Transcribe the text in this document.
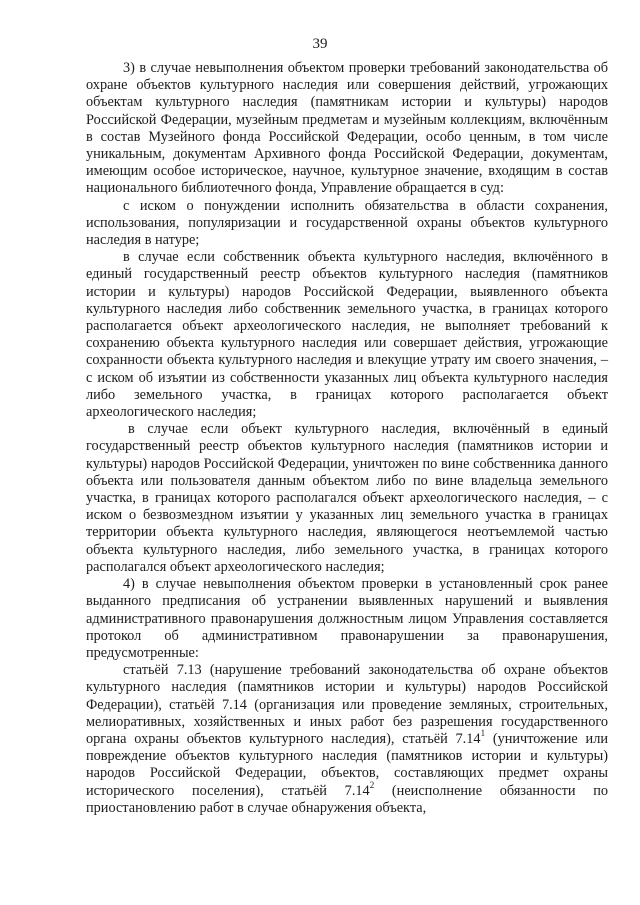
39

3) в случае невыполнения объектом проверки требований законодательства об охране объектов культурного наследия или совершения действий, угрожающих объектам культурного наследия (памятникам истории и культуры) народов Российской Федерации, музейным предметам и музейным коллекциям, включённым в состав Музейного фонда Российской Федерации, особо ценным, в том числе уникальным, документам Архивного фонда Российской Федерации, документам, имеющим особое историческое, научное, культурное значение, входящим в состав национального библиотечного фонда, Управление обращается в суд:

с иском о понуждении исполнить обязательства в области сохранения, использования, популяризации и государственной охраны объектов культурного наследия в натуре;

в случае если собственник объекта культурного наследия, включённого в единый государственный реестр объектов культурного наследия (памятников истории и культуры) народов Российской Федерации, выявленного объекта культурного наследия либо собственник земельного участка, в границах которого располагается объект археологического наследия, не выполняет требований к сохранению объекта культурного наследия или совершает действия, угрожающие сохранности объекта культурного наследия и влекущие утрату им своего значения, – с иском об изъятии из собственности указанных лиц объекта культурного наследия либо земельного участка, в границах которого располагается объект археологического наследия;

в случае если объект культурного наследия, включённый в единый государственный реестр объектов культурного наследия (памятников истории и культуры) народов Российской Федерации, уничтожен по вине собственника данного объекта или пользователя данным объектом либо по вине владельца земельного участка, в границах которого располагался объект археологического наследия, – с иском о безвозмездном изъятии у указанных лиц земельного участка в границах территории объекта культурного наследия, являющегося неотъемлемой частью объекта культурного наследия, либо земельного участка, в границах которого располагался объект археологического наследия;

4) в случае невыполнения объектом проверки в установленный срок ранее выданного предписания об устранении выявленных нарушений и выявления административного правонарушения должностным лицом Управления составляется протокол об административном правонарушении за правонарушения, предусмотренные:

статьёй 7.13 (нарушение требований законодательства об охране объектов культурного наследия (памятников истории и культуры) народов Российской Федерации), статьёй 7.14 (организация или проведение земляных, строительных, мелиоративных, хозяйственных и иных работ без разрешения государственного органа охраны объектов культурного наследия), статьёй 7.14$^1$ (уничтожение или повреждение объектов культурного наследия (памятников истории и культуры) народов Российской Федерации, объектов, составляющих предмет охраны исторического поселения), статьёй 7.14$^2$ (неисполнение обязанности по приостановлению работ в случае обнаружения объекта,
